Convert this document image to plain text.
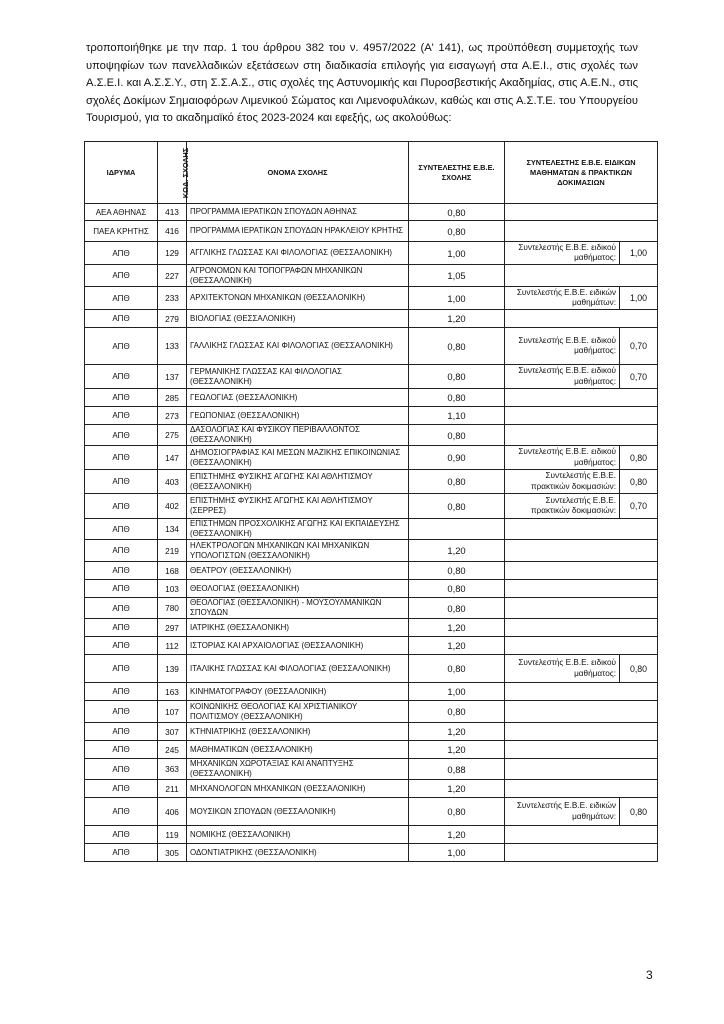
τροποποιήθηκε με την παρ. 1 του άρθρου 382 του ν. 4957/2022 (Α' 141), ως προϋπόθεση συμμετοχής των υποψηφίων των πανελλαδικών εξετάσεων στη διαδικασία επιλογής για εισαγωγή στα Α.Ε.Ι., στις σχολές των Α.Σ.Ε.Ι. και Α.Σ.Σ.Υ., στη Σ.Σ.Α.Σ., στις σχολές της Αστυνομικής και Πυροσβεστικής Ακαδημίας, στις Α.Ε.Ν., στις σχολές Δοκίμων Σημαιοφόρων Λιμενικού Σώματος και Λιμενοφυλάκων, καθώς και στις Α.Σ.Τ.Ε. του Υπουργείου Τουρισμού, για το ακαδημαϊκό έτος 2023-2024 και εφεξής, ως ακολούθως:
ΙΔΡΥΜΑ	ΚΩΔ. ΣΧΟΛΗΣ	ΟΝΟΜΑ ΣΧΟΛΗΣ	ΣΥΝΤΕΛΕΣΤΗΣ Ε.Β.Ε. ΣΧΟΛΗΣ	ΣΥΝΤΕΛΕΣΤΗΣ Ε.Β.Ε. ΕΙΔΙΚΩΝ ΜΑΘΗΜΑΤΩΝ & ΠΡΑΚΤΙΚΩΝ ΔΟΚΙΜΑΣΙΩΝ	
ΑΕΑ ΑΘΗΝΑΣ	413	ΠΡΟΓΡΑΜΜΑ ΙΕΡΑΤΙΚΩΝ ΣΠΟΥΔΩΝ ΑΘΗΝΑΣ	0,80		
ΠΑΕΑ ΚΡΗΤΗΣ	416	ΠΡΟΓΡΑΜΜΑ ΙΕΡΑΤΙΚΩΝ ΣΠΟΥΔΩΝ ΗΡΑΚΛΕΙΟΥ ΚΡΗΤΗΣ	0,80		
ΑΠΘ	129	ΑΓΓΛΙΚΗΣ ΓΛΩΣΣΑΣ ΚΑΙ ΦΙΛΟΛΟΓΙΑΣ (ΘΕΣΣΑΛΟΝΙΚΗ)	1,00	Συντελεστής Ε.Β.Ε. ειδικού μαθήματος:	1,00
ΑΠΘ	227	ΑΓΡΟΝΟΜΩΝ ΚΑΙ ΤΟΠΟΓΡΑΦΩΝ ΜΗΧΑΝΙΚΩΝ (ΘΕΣΣΑΛΟΝΙΚΗ)	1,05		
ΑΠΘ	233	ΑΡΧΙΤΕΚΤΟΝΩΝ ΜΗΧΑΝΙΚΩΝ (ΘΕΣΣΑΛΟΝΙΚΗ)	1,00	Συντελεστής Ε.Β.Ε. ειδικών μαθημάτων:	1,00
ΑΠΘ	279	ΒΙΟΛΟΓΙΑΣ (ΘΕΣΣΑΛΟΝΙΚΗ)	1,20		
ΑΠΘ	133	ΓΑΛΛΙΚΗΣ ΓΛΩΣΣΑΣ ΚΑΙ ΦΙΛΟΛΟΓΙΑΣ (ΘΕΣΣΑΛΟΝΙΚΗ)	0,80	Συντελεστής Ε.Β.Ε. ειδικού μαθήματος:	0,70
ΑΠΘ	137	ΓΕΡΜΑΝΙΚΗΣ ΓΛΩΣΣΑΣ ΚΑΙ ΦΙΛΟΛΟΓΙΑΣ (ΘΕΣΣΑΛΟΝΙΚΗ)	0,80	Συντελεστής Ε.Β.Ε. ειδικού μαθήματος:	0,70
ΑΠΘ	285	ΓΕΩΛΟΓΙΑΣ (ΘΕΣΣΑΛΟΝΙΚΗ)	0,80		
ΑΠΘ	273	ΓΕΩΠΟΝΙΑΣ (ΘΕΣΣΑΛΟΝΙΚΗ)	1,10		
ΑΠΘ	275	ΔΑΣΟΛΟΓΙΑΣ ΚΑΙ ΦΥΣΙΚΟΥ ΠΕΡΙΒΑΛΛΟΝΤΟΣ (ΘΕΣΣΑΛΟΝΙΚΗ)	0,80		
ΑΠΘ	147	ΔΗΜΟΣΙΟΓΡΑΦΙΑΣ ΚΑΙ ΜΕΣΩΝ ΜΑΖΙΚΗΣ ΕΠΙΚΟΙΝΩΝΙΑΣ (ΘΕΣΣΑΛΟΝΙΚΗ)	0,90	Συντελεστής Ε.Β.Ε. ειδικού μαθήματος:	0,80
ΑΠΘ	403	ΕΠΙΣΤΗΜΗΣ ΦΥΣΙΚΗΣ ΑΓΩΓΗΣ ΚΑΙ ΑΘΛΗΤΙΣΜΟΥ (ΘΕΣΣΑΛΟΝΙΚΗ)	0,80	Συντελεστής Ε.Β.Ε. πρακτικών δοκιμασιών:	0,80
ΑΠΘ	402	ΕΠΙΣΤΗΜΗΣ ΦΥΣΙΚΗΣ ΑΓΩΓΗΣ ΚΑΙ ΑΘΛΗΤΙΣΜΟΥ (ΣΕΡΡΕΣ)	0,80	Συντελεστής Ε.Β.Ε. πρακτικών δοκιμασιών:	0,70
ΑΠΘ	134	ΕΠΙΣΤΗΜΩΝ ΠΡΟΣΧΟΛΙΚΗΣ ΑΓΩΓΗΣ ΚΑΙ ΕΚΠΑΙΔΕΥΣΗΣ (ΘΕΣΣΑΛΟΝΙΚΗ)			
ΑΠΘ	219	ΗΛΕΚΤΡΟΛΟΓΩΝ ΜΗΧΑΝΙΚΩΝ ΚΑΙ ΜΗΧΑΝΙΚΩΝ ΥΠΟΛΟΓΙΣΤΩΝ (ΘΕΣΣΑΛΟΝΙΚΗ)	1,20		
ΑΠΘ	168	ΘΕΑΤΡΟΥ (ΘΕΣΣΑΛΟΝΙΚΗ)	0,80		
ΑΠΘ	103	ΘΕΟΛΟΓΙΑΣ (ΘΕΣΣΑΛΟΝΙΚΗ)	0,80		
ΑΠΘ	780	ΘΕΟΛΟΓΙΑΣ (ΘΕΣΣΑΛΟΝΙΚΗ) - ΜΟΥΣΟΥΛΜΑΝΙΚΩΝ ΣΠΟΥΔΩΝ	0,80		
ΑΠΘ	297	ΙΑΤΡΙΚΗΣ (ΘΕΣΣΑΛΟΝΙΚΗ)	1,20		
ΑΠΘ	112	ΙΣΤΟΡΙΑΣ ΚΑΙ ΑΡΧΑΙΟΛΟΓΙΑΣ (ΘΕΣΣΑΛΟΝΙΚΗ)	1,20		
ΑΠΘ	139	ΙΤΑΛΙΚΗΣ ΓΛΩΣΣΑΣ ΚΑΙ ΦΙΛΟΛΟΓΙΑΣ (ΘΕΣΣΑΛΟΝΙΚΗ)	0,80	Συντελεστής Ε.Β.Ε. ειδικού μαθήματος:	0,80
ΑΠΘ	163	ΚΙΝΗΜΑΤΟΓΡΑΦΟΥ (ΘΕΣΣΑΛΟΝΙΚΗ)	1,00		
ΑΠΘ	107	ΚΟΙΝΩΝΙΚΗΣ ΘΕΟΛΟΓΙΑΣ ΚΑΙ ΧΡΙΣΤΙΑΝΙΚΟΥ ΠΟΛΙΤΙΣΜΟΥ (ΘΕΣΣΑΛΟΝΙΚΗ)	0,80		
ΑΠΘ	307	ΚΤΗΝΙΑΤΡΙΚΗΣ (ΘΕΣΣΑΛΟΝΙΚΗ)	1,20		
ΑΠΘ	245	ΜΑΘΗΜΑΤΙΚΩΝ (ΘΕΣΣΑΛΟΝΙΚΗ)	1,20		
ΑΠΘ	363	ΜΗΧΑΝΙΚΩΝ ΧΩΡΟΤΑΞΙΑΣ ΚΑΙ ΑΝΑΠΤΥΞΗΣ (ΘΕΣΣΑΛΟΝΙΚΗ)	0,88		
ΑΠΘ	211	ΜΗΧΑΝΟΛΟΓΩΝ ΜΗΧΑΝΙΚΩΝ (ΘΕΣΣΑΛΟΝΙΚΗ)	1,20		
ΑΠΘ	406	ΜΟΥΣΙΚΩΝ ΣΠΟΥΔΩΝ (ΘΕΣΣΑΛΟΝΙΚΗ)	0,80	Συντελεστής Ε.Β.Ε. ειδικών μαθημάτων:	0,80
ΑΠΘ	119	ΝΟΜΙΚΗΣ (ΘΕΣΣΑΛΟΝΙΚΗ)	1,20		
ΑΠΘ	305	ΟΔΟΝΤΙΑΤΡΙΚΗΣ (ΘΕΣΣΑΛΟΝΙΚΗ)	1,00		
3
